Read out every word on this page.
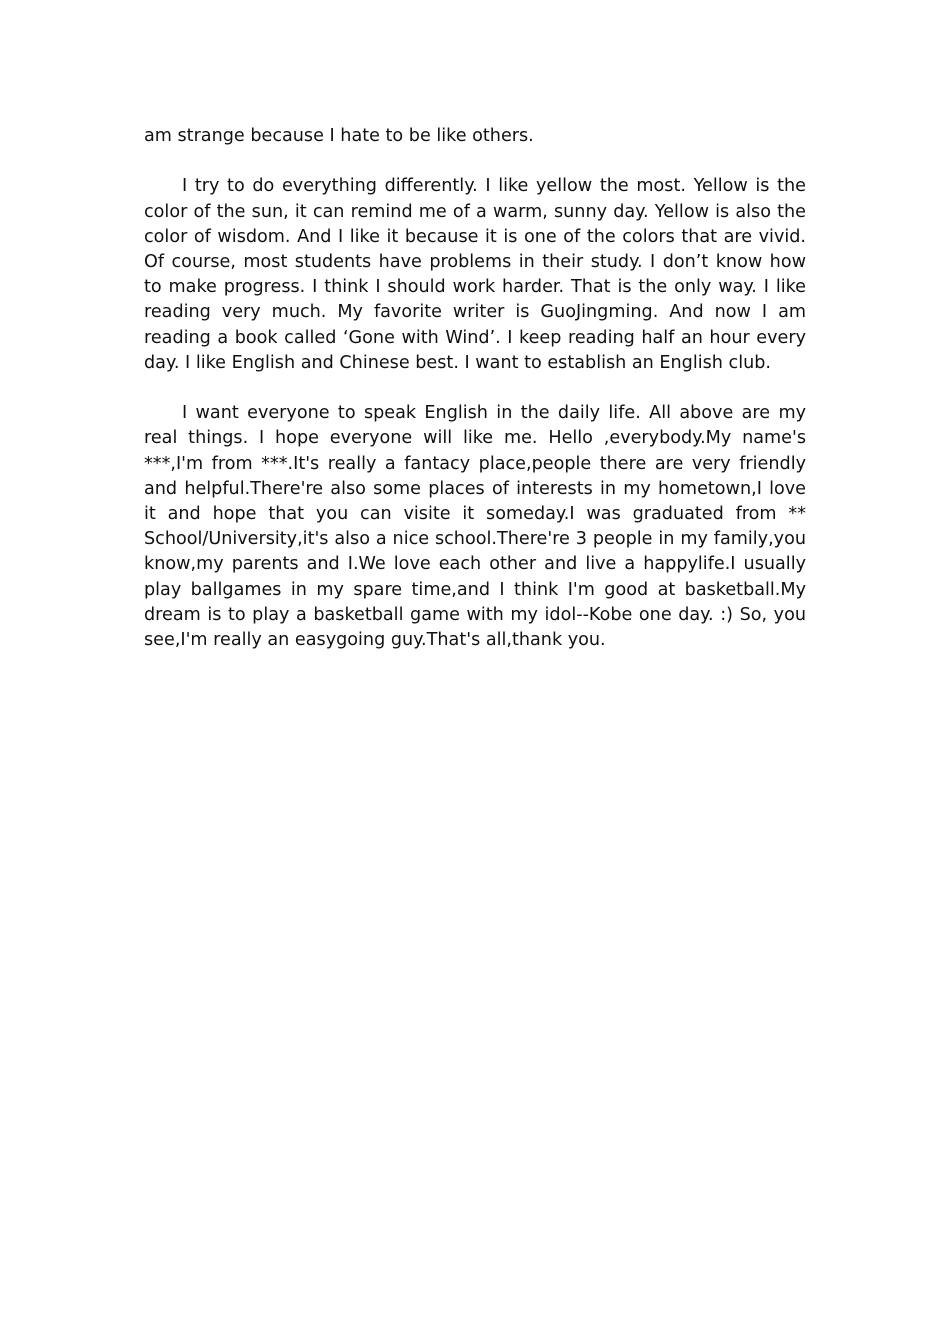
am strange because I hate to be like others.

I try to do everything differently. I like yellow the most. Yellow is the color of the sun, it can remind me of a warm, sunny day. Yellow is also the color of wisdom. And I like it because it is one of the colors that are vivid. Of course, most students have problems in their study. I don’t know how to make progress. I think I should work harder. That is the only way. I like reading very much. My favorite writer is GuoJingming. And now I am reading a book called ‘Gone with Wind’. I keep reading half an hour every day. I like English and Chinese best. I want to establish an English club.

I want everyone to speak English in the daily life. All above are my real things. I hope everyone will like me. Hello ,everybody.My name's ***,I'm from ***.It's really a fantacy place,people there are very friendly and helpful.There're also some places of interests in my hometown,I love it and hope that you can visite it someday.I was graduated from ** School/University,it's also a nice school.There're 3 people in my family,you know,my parents and I.We love each other and live a happylife.I usually play ballgames in my spare time,and I think I'm good at basketball.My dream is to play a basketball game with my idol--Kobe one day. :) So, you see,I'm really an easygoing guy.That's all,thank you.
